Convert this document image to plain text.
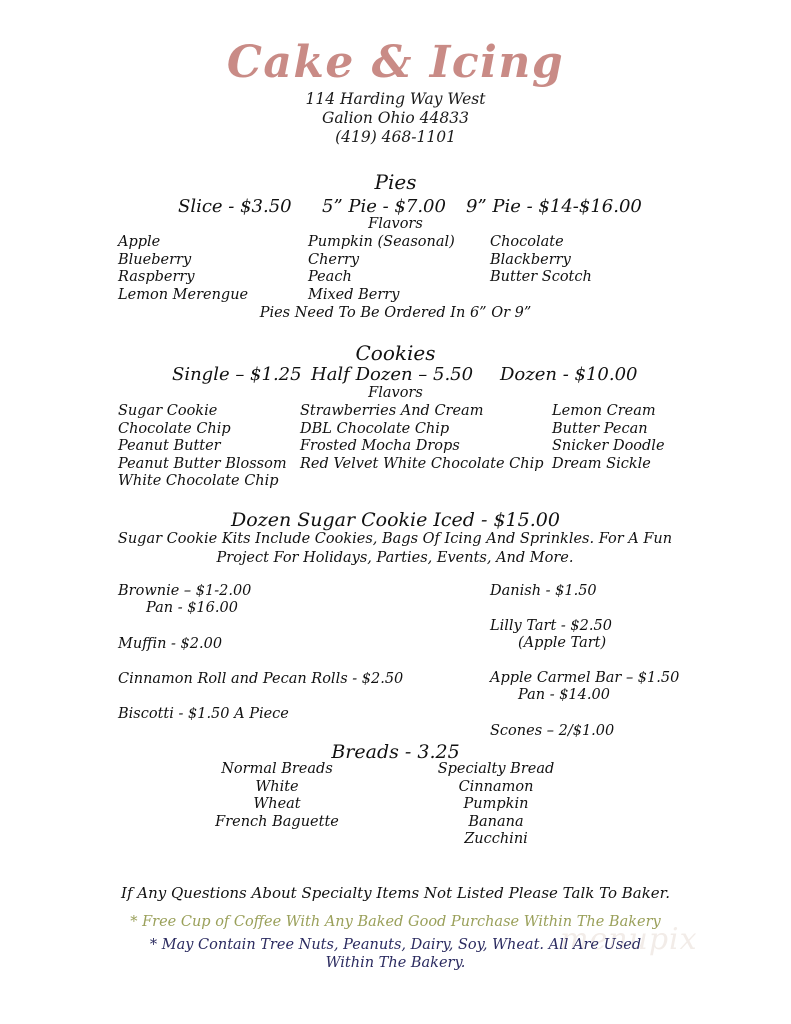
Cake & Icing
114 Harding Way West
Galion Ohio 44833
(419) 468-1101
Pies
Slice - $3.50 5” Pie - $7.00 9” Pie - $14-$16.00
Flavors
Apple
Blueberry
Raspberry
Lemon Merengue
Pumpkin (Seasonal)
Cherry
Peach
Mixed Berry
Chocolate
Blackberry
Butter Scotch
Pies Need To Be Ordered In 6” Or 9”
Cookies
Single – $1.25 Half Dozen – 5.50 Dozen - $10.00
Flavors
Sugar Cookie
Chocolate Chip
Peanut Butter
Peanut Butter Blossom
White Chocolate Chip
Strawberries And Cream
DBL Chocolate Chip
Frosted Mocha Drops
Red Velvet White Chocolate Chip
Lemon Cream
Butter Pecan
Snicker Doodle
Dream Sickle
Dozen Sugar Cookie Iced - $15.00
Sugar Cookie Kits Include Cookies, Bags Of Icing And Sprinkles. For A Fun
Project For Holidays, Parties, Events, And More.
Brownie – $1-2.00
Pan - $16.00
Muffin - $2.00
Cinnamon Roll and Pecan Rolls - $2.50
Biscotti - $1.50 A Piece
Danish - $1.50
Lilly Tart - $2.50
(Apple Tart)
Apple Carmel Bar – $1.50
Pan - $14.00
Scones – 2/$1.00
Breads - 3.25
Normal Breads
White
Wheat
French Baguette
Specialty Bread
Cinnamon
Pumpkin
Banana
Zucchini
menupix
If Any Questions About Specialty Items Not Listed Please Talk To Baker.
* Free Cup of Coffee With Any Baked Good Purchase Within The Bakery
* May Contain Tree Nuts, Peanuts, Dairy, Soy, Wheat. All Are Used
Within The Bakery.
